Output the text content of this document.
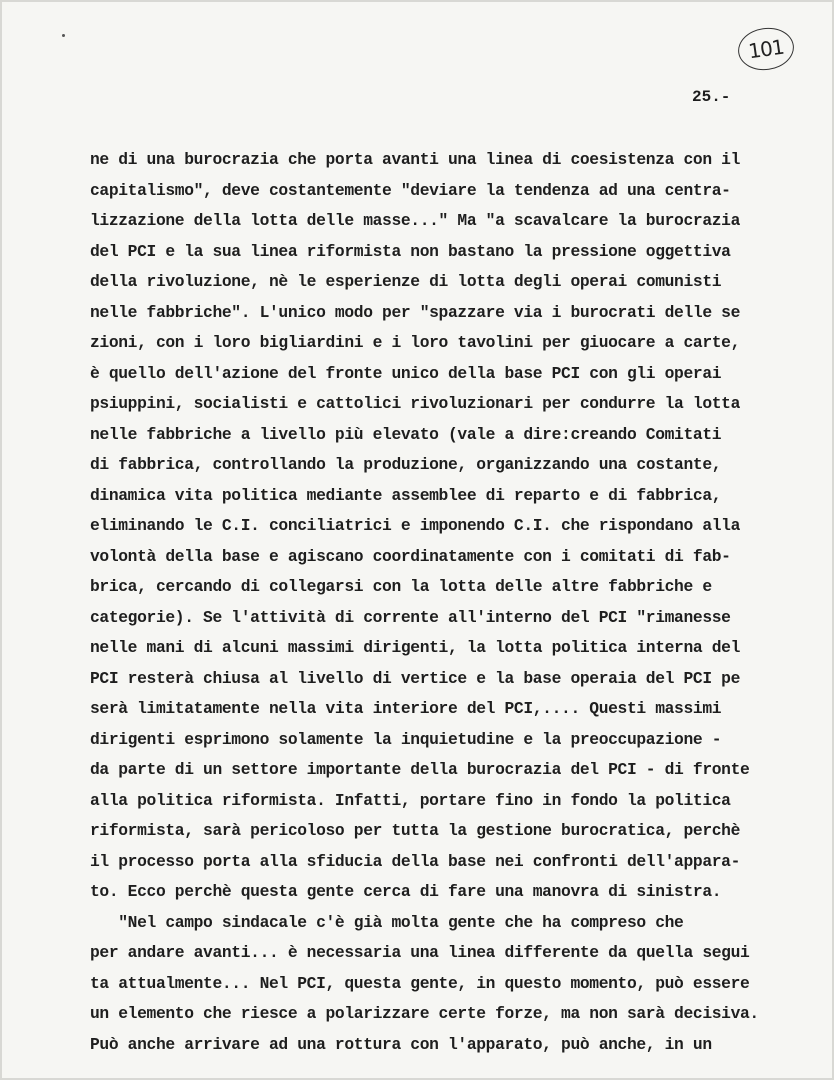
101
25.-
ne di una burocrazia che porta avanti una linea di coesistenza con il
capitalismo", deve costantemente "deviare la tendenza ad una centra-
lizzazione della lotta delle masse..." Ma "a scavalcare la burocrazia
del PCI e la sua linea riformista non bastano la pressione oggettiva
della rivoluzione, nè le esperienze di lotta degli operai comunisti
nelle fabbriche". L'unico modo per "spazzare via i burocrati delle se
zioni, con i loro bigliardini e i loro tavolini per giuocare a carte,
è quello dell'azione del fronte unico della base PCI con gli operai
psiuppini, socialisti e cattolici rivoluzionari per condurre la lotta
nelle fabbriche a livello più elevato (vale a dire:creando Comitati
di fabbrica, controllando la produzione, organizzando una costante,
dinamica vita politica mediante assemblee di reparto e di fabbrica,
eliminando le C.I. conciliatrici e imponendo C.I. che rispondano alla
volontà della base e agiscano coordinatamente con i comitati di fab-
brica, cercando di collegarsi con la lotta delle altre fabbriche e
categorie). Se l'attività di corrente all'interno del PCI "rimanesse
nelle mani di alcuni massimi dirigenti, la lotta politica interna del
PCI resterà chiusa al livello di vertice e la base operaia del PCI pe
serà limitatamente nella vita interiore del PCI,.... Questi massimi
dirigenti esprimono solamente la inquietudine e la preoccupazione -
da parte di un settore importante della burocrazia del PCI - di fronte
alla politica riformista. Infatti, portare fino in fondo la politica
riformista, sarà pericoloso per tutta la gestione burocratica, perchè
il processo porta alla sfiducia della base nei confronti dell'appara-
to. Ecco perchè questa gente cerca di fare una manovra di sinistra.
"Nel campo sindacale c'è già molta gente che ha compreso che
per andare avanti... è necessaria una linea differente da quella segui
ta attualmente... Nel PCI, questa gente, in questo momento, può essere
un elemento che riesce a polarizzare certe forze, ma non sarà decisiva.
Può anche arrivare ad una rottura con l'apparato, può anche, in un
